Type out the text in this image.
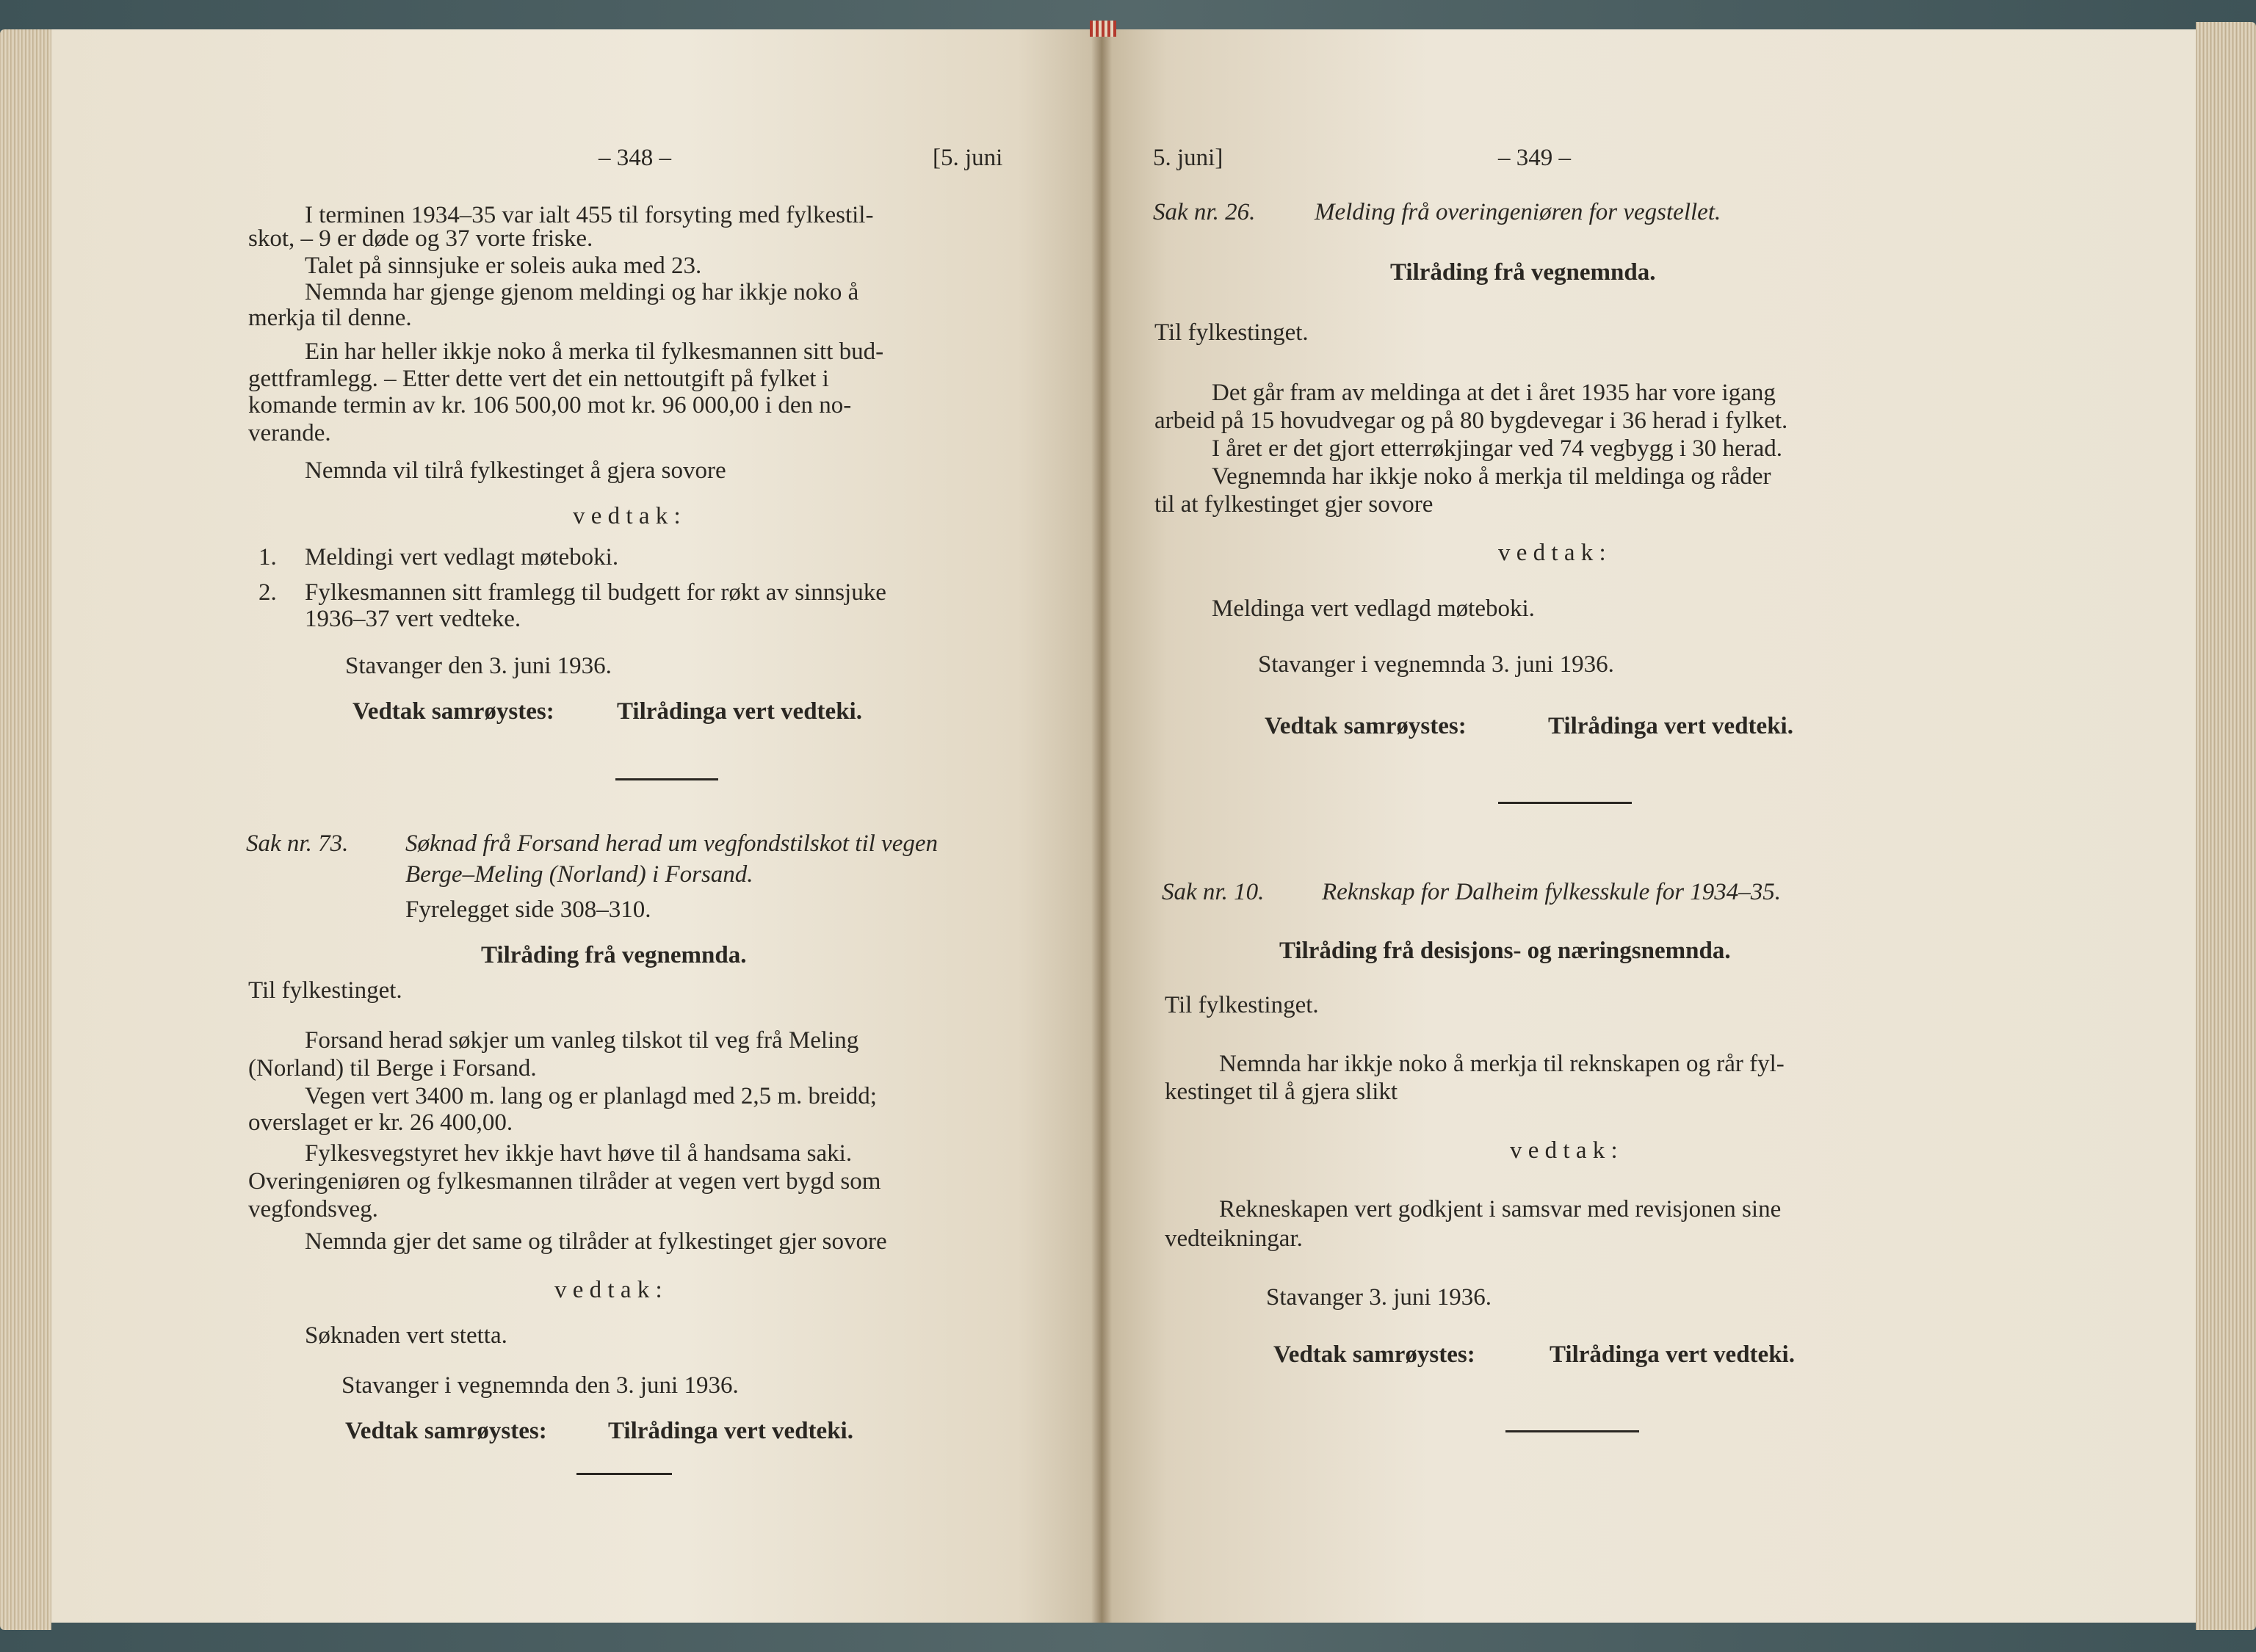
– 348 –	[5. juni

I terminen 1934–35 var ialt 455 til forsyting med fylkestil-

skot, – 9 er døde og 37 vorte friske.

Talet på sinnsjuke er soleis auka med 23.

Nemnda har gjenge gjenom meldingi og har ikkje noko å

merkja til denne.

Ein har heller ikkje noko å merka til fylkesmannen sitt bud-

gettframlegg. – Etter dette vert det ein nettoutgift på fylket i

komande termin av kr. 106 500,00 mot kr. 96 000,00 i den no-

verande.

Nemnda vil tilrå fylkestinget å gjera sovore

v e d t a k :

1. Meldingi vert vedlagt møteboki.

2. Fylkesmannen sitt framlegg til budgett for røkt av sinnsjuke

1936–37 vert vedteke.

Stavanger den 3. juni 1936.

Vedtak samrøystes:	Tilrådinga vert vedteki.

Sak nr. 73. Søknad frå Forsand herad um vegfondstilskot til vegen

Berge–Meling (Norland) i Forsand.

Fyrelegget side 308–310.

Tilråding frå vegnemnda.

Til fylkestinget.

Forsand herad søkjer um vanleg tilskot til veg frå Meling

(Norland) til Berge i Forsand.

Vegen vert 3400 m. lang og er planlagd med 2,5 m. breidd;

overslaget er kr. 26 400,00.

Fylkesvegstyret hev ikkje havt høve til å handsama saki.

Overingeniøren og fylkesmannen tilråder at vegen vert bygd som

vegfondsveg.

Nemnda gjer det same og tilråder at fylkestinget gjer sovore

v e d t a k :

Søknaden vert stetta.

Stavanger i vegnemnda den 3. juni 1936.

Vedtak samrøystes:	Tilrådinga vert vedteki.

5. juni]	– 349 –

Sak nr. 26. Melding frå overingeniøren for vegstellet.

Tilråding frå vegnemnda.

Til fylkestinget.

Det går fram av meldinga at det i året 1935 har vore igang

arbeid på 15 hovudvegar og på 80 bygdevegar i 36 herad i fylket.

I året er det gjort etterrøkjingar ved 74 vegbygg i 30 herad.

Vegnemnda har ikkje noko å merkja til meldinga og råder

til at fylkestinget gjer sovore

v e d t a k :

Meldinga vert vedlagd møteboki.

Stavanger i vegnemnda 3. juni 1936.

Vedtak samrøystes:	Tilrådinga vert vedteki.

Sak nr. 10. Reknskap for Dalheim fylkesskule for 1934–35.

Tilråding frå desisjons- og næringsnemnda.

Til fylkestinget.

Nemnda har ikkje noko å merkja til reknskapen og rår fyl-

kestinget til å gjera slikt

v e d t a k :

Rekneskapen vert godkjent i samsvar med revisjonen sine

vedteikningar.

Stavanger 3. juni 1936.

Vedtak samrøystes:	Tilrådinga vert vedteki.
